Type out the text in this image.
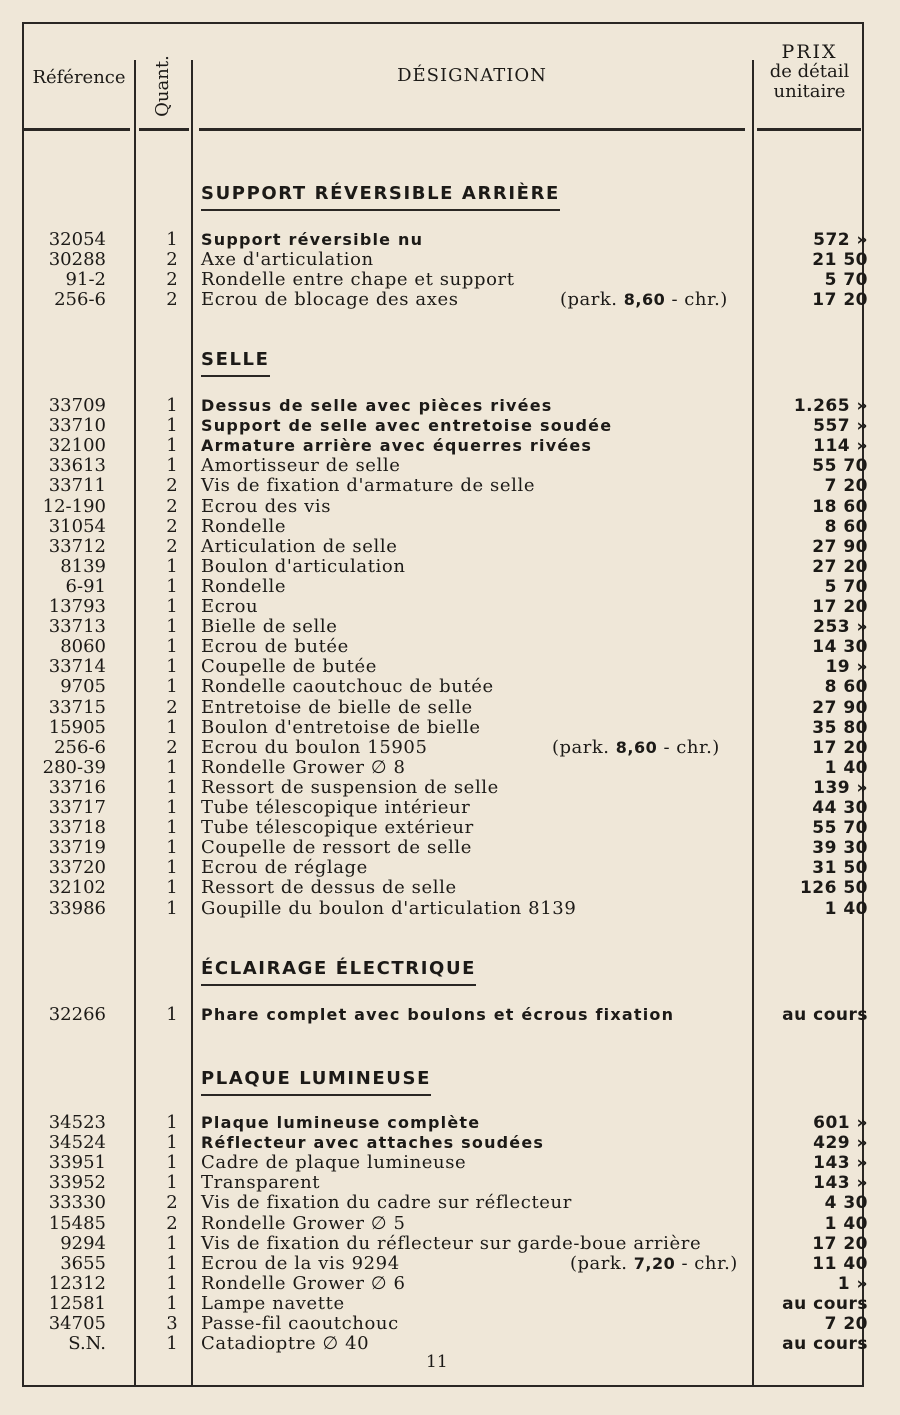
Référence	Quant.	DÉSIGNATION
PRIX
de détail
unitaire
SUPPORT RÉVERSIBLE ARRIÈRE
32054	1	Support réversible nu	572 »
30288	2	Axe d'articulation	21 50
91-2	2	Rondelle entre chape et support	5 70
256-6	2	Ecrou de blocage des axes	(park. 8,60 - chr.)	17 20
SELLE
33709	1	Dessus de selle avec pièces rivées	1.265 »
33710	1	Support de selle avec entretoise soudée	557 »
32100	1	Armature arrière avec équerres rivées	114 »
33613	1	Amortisseur de selle	55 70
33711	2	Vis de fixation d'armature de selle	7 20
12-190	2	Ecrou des vis	18 60
31054	2	Rondelle	8 60
33712	2	Articulation de selle	27 90
8139	1	Boulon d'articulation	27 20
6-91	1	Rondelle	5 70
13793	1	Ecrou	17 20
33713	1	Bielle de selle	253 »
8060	1	Ecrou de butée	14 30
33714	1	Coupelle de butée	19 »
9705	1	Rondelle caoutchouc de butée	8 60
33715	2	Entretoise de bielle de selle	27 90
15905	1	Boulon d'entretoise de bielle	35 80
256-6	2	Ecrou du boulon 15905	(park. 8,60 - chr.)	17 20
280-39	1	Rondelle Grower ∅ 8	1 40
33716	1	Ressort de suspension de selle	139 »
33717	1	Tube télescopique intérieur	44 30
33718	1	Tube télescopique extérieur	55 70
33719	1	Coupelle de ressort de selle	39 30
33720	1	Ecrou de réglage	31 50
32102	1	Ressort de dessus de selle	126 50
33986	1	Goupille du boulon d'articulation 8139	1 40
ÉCLAIRAGE ÉLECTRIQUE
32266	1	Phare complet avec boulons et écrous fixation	au cours
PLAQUE LUMINEUSE
34523	1	Plaque lumineuse complète	601 »
34524	1	Réflecteur avec attaches soudées	429 »
33951	1	Cadre de plaque lumineuse	143 »
33952	1	Transparent	143 »
33330	2	Vis de fixation du cadre sur réflecteur	4 30
15485	2	Rondelle Grower ∅ 5	1 40
9294	1	Vis de fixation du réflecteur sur garde-boue arrière	17 20
3655	1	Ecrou de la vis 9294	(park. 7,20 - chr.)	11 40
12312	1	Rondelle Grower ∅ 6	1 »
12581	1	Lampe navette	au cours
34705	3	Passe-fil caoutchouc	7 20
S.N.	1	Catadioptre ∅ 40	au cours
11
